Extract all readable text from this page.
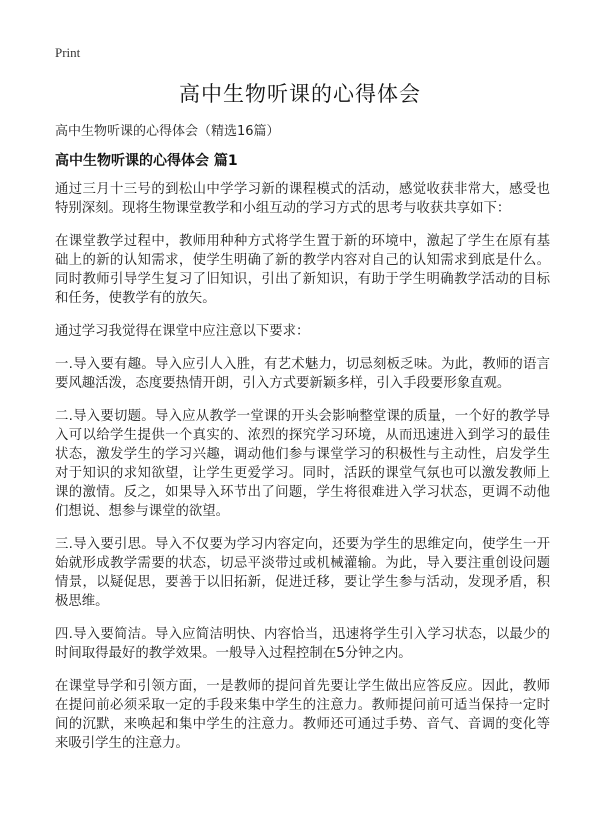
Print
高中生物听课的心得体会
高中生物听课的心得体会（精选16篇）
高中生物听课的心得体会 篇1

通过三月十三号的到松山中学学习新的课程模式的活动，感觉收获非常大，感受也特别深刻。现将生物课堂教学和小组互动的学习方式的思考与收获共享如下：

在课堂教学过程中，教师用种种方式将学生置于新的环境中，激起了学生在原有基础上的新的认知需求，使学生明确了新的教学内容对自己的认知需求到底是什么。同时教师引导学生复习了旧知识，引出了新知识，有助于学生明确教学活动的目标和任务，使教学有的放矢。

通过学习我觉得在课堂中应注意以下要求：

一.导入要有趣。导入应引人入胜，有艺术魅力，切忌刻板乏味。为此，教师的语言要风趣活泼，态度要热情开朗，引入方式要新颖多样，引入手段要形象直观。

二.导入要切题。导入应从教学一堂课的开头会影响整堂课的质量，一个好的教学导入可以给学生提供一个真实的、浓烈的探究学习环境，从而迅速进入到学习的最佳状态，激发学生的学习兴趣，调动他们参与课堂学习的积极性与主动性，启发学生对于知识的求知欲望，让学生更爱学习。同时，活跃的课堂气氛也可以激发教师上课的激情。反之，如果导入环节出了问题，学生将很难进入学习状态，更调不动他们想说、想参与课堂的欲望。

三.导入要引思。导入不仅要为学习内容定向，还要为学生的思维定向，使学生一开始就形成教学需要的状态，切忌平淡带过或机械灌输。为此，导入要注重创设问题情景，以疑促思，要善于以旧拓新，促进迁移，要让学生参与活动，发现矛盾，积极思维。

四.导入要简洁。导入应简洁明快、内容恰当，迅速将学生引入学习状态，以最少的时间取得最好的教学效果。一般导入过程控制在5分钟之内。

在课堂导学和引领方面，一是教师的提问首先要让学生做出应答反应。因此，教师在提问前必须采取一定的手段来集中学生的注意力。教师提问前可适当保持一定时间的沉默，来唤起和集中学生的注意力。教师还可通过手势、音气、音调的变化等来吸引学生的注意力。
